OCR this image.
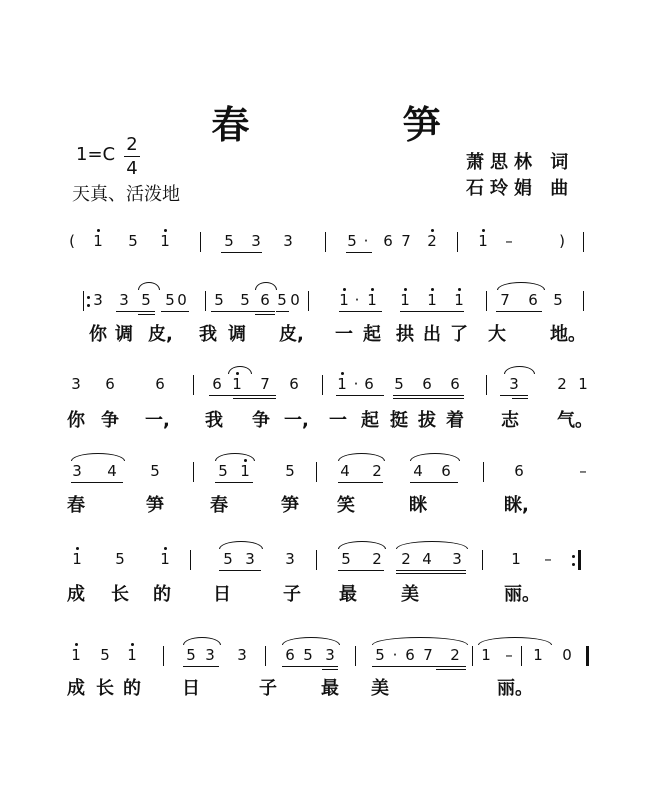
春 笋
1=C 2
4
天真、活泼地
萧思林 词
石玲娟 曲
(	1 5 1	5 3 3	5 · 6 7 2	1	–	)
3 3 5 5 0 5 5 6 5 0	1 · 1 1 1 1 7 6 5
你 调 皮, 我 调 皮, 一 起 拱 出 了 大 地。
3 6	6	6 1 7 6	1 · 6 5 6 6	3	2 1
你 争 一, 我 争 一, 一 起 挺 拔 着 志 气。
3 4 5	5 1 5	4 2 4 6	6	–
春	笋	春	笋 笑	眯	眯,
1 5 1	5 3 3	5 2 2 4 3	1	–
成 长 的 日	子 最 美	丽。
1 5 1	5 3 3	6 5 3	5 · 6 7 2 1 –	1 0
成 长 的 日	子 最 美	丽。
